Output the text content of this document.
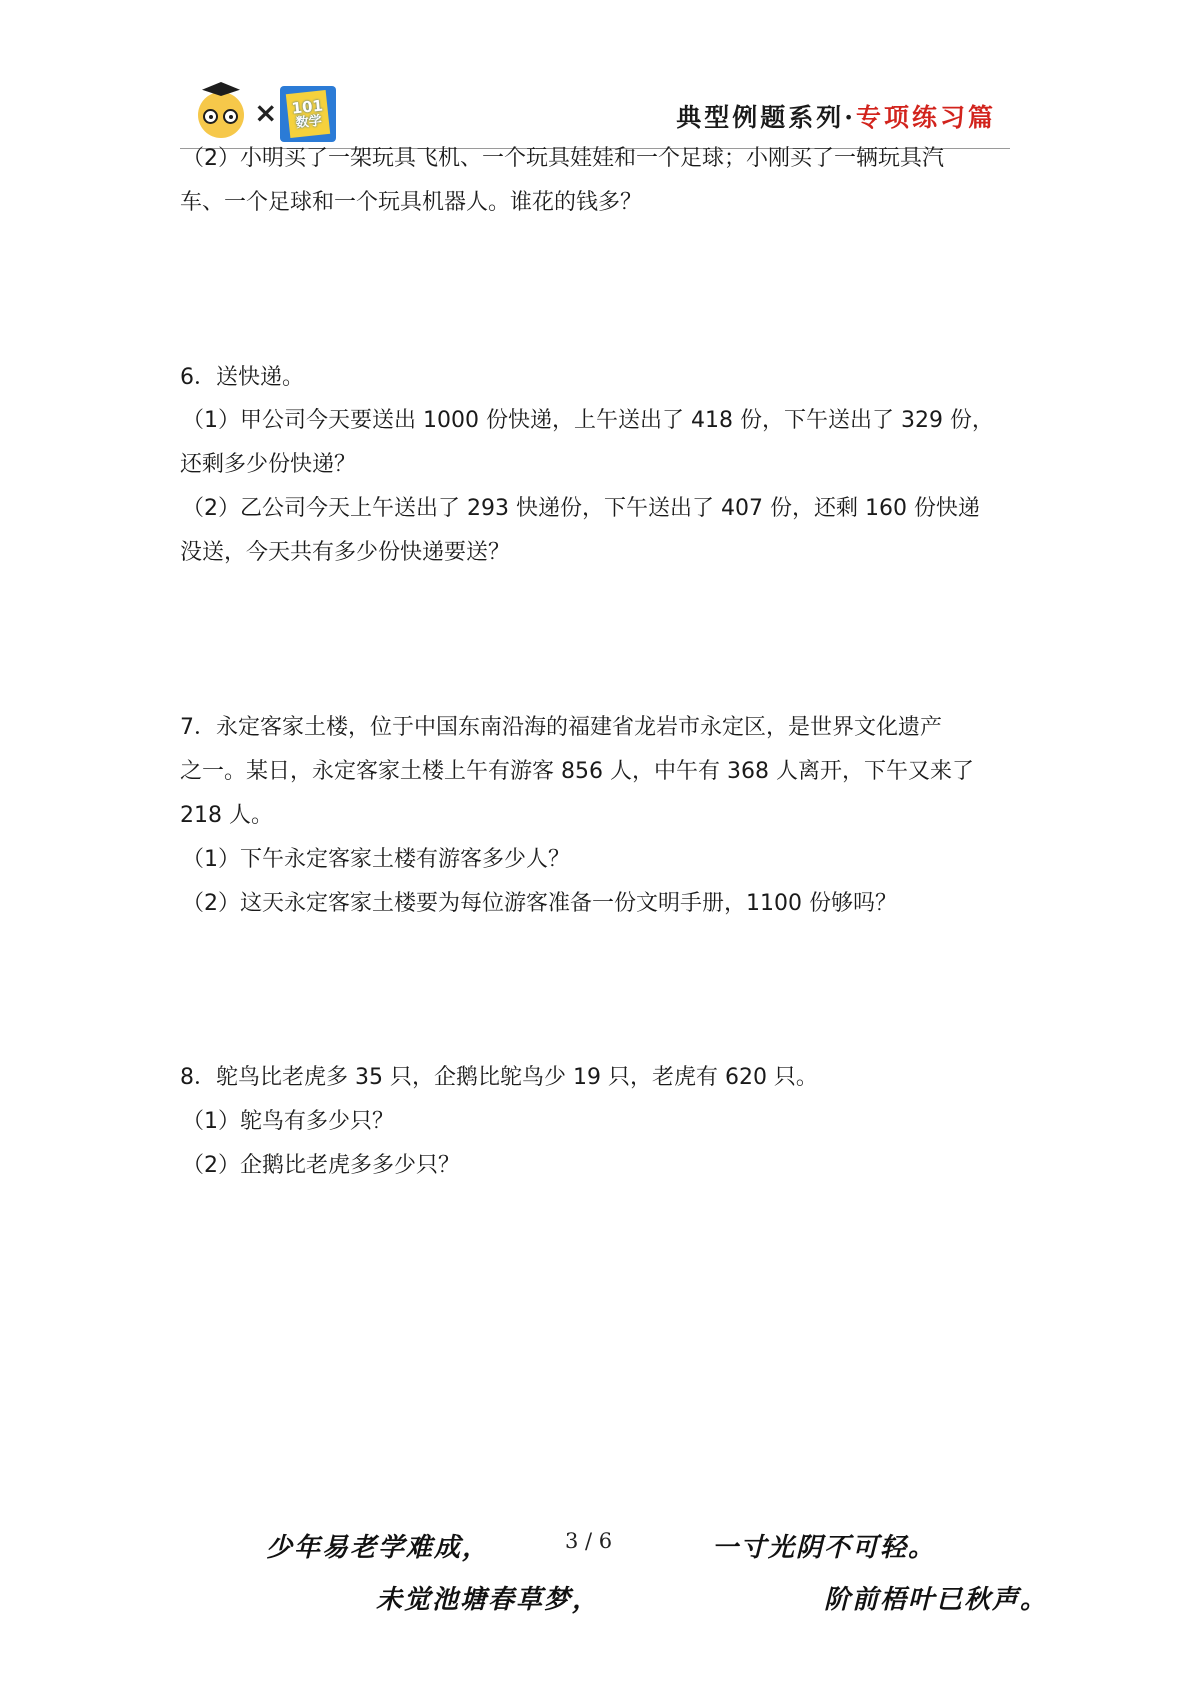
× 101
数学	典型例题系列·专项练习篇
（2）小明买了一架玩具飞机、一个玩具娃娃和一个足球；小刚买了一辆玩具汽
车、一个足球和一个玩具机器人。谁花的钱多？
6．送快递。
（1）甲公司今天要送出 1000 份快递，上午送出了 418 份，下午送出了 329 份，
还剩多少份快递？
（2）乙公司今天上午送出了 293 快递份，下午送出了 407 份，还剩 160 份快递
没送，今天共有多少份快递要送？
7．永定客家土楼，位于中国东南沿海的福建省龙岩市永定区，是世界文化遗产
之一。某日，永定客家土楼上午有游客 856 人，中午有 368 人离开，下午又来了
218 人。
（1）下午永定客家土楼有游客多少人？
（2）这天永定客家土楼要为每位游客准备一份文明手册，1100 份够吗？
8．鸵鸟比老虎多 35 只，企鹅比鸵鸟少 19 只，老虎有 620 只。
（1）鸵鸟有多少只？
（2）企鹅比老虎多多少只？
少年易老学难成，	3 / 6	一寸光阴不可轻。
未觉池塘春草梦，	阶前梧叶已秋声。
